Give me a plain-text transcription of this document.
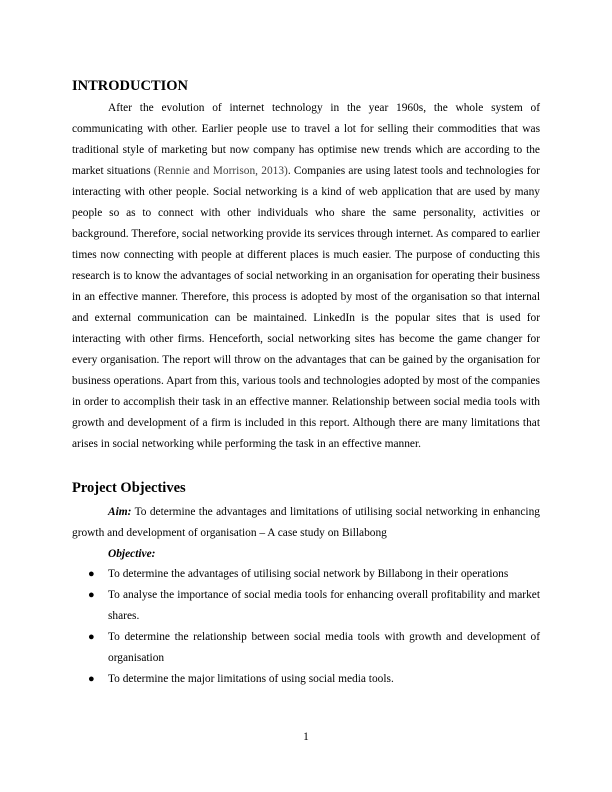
INTRODUCTION

After the evolution of internet technology in the year 1960s, the whole system of communicating with other. Earlier people use to travel a lot for selling their commodities that was traditional style of marketing but now company has optimise new trends which are according to the market situations (Rennie and Morrison, 2013). Companies are using latest tools and technologies for interacting with other people. Social networking is a kind of web application that are used by many people so as to connect with other individuals who share the same personality, activities or background. Therefore, social networking provide its services through internet. As compared to earlier times now connecting with people at different places is much easier. The purpose of conducting this research is to know the advantages of social networking in an organisation for operating their business in an effective manner. Therefore, this process is adopted by most of the organisation so that internal and external communication can be maintained. LinkedIn is the popular sites that is used for interacting with other firms. Henceforth, social networking sites has become the game changer for every organisation. The report will throw on the advantages that can be gained by the organisation for business operations. Apart from this, various tools and technologies adopted by most of the companies in order to accomplish their task in an effective manner. Relationship between social media tools with growth and development of a firm is included in this report. Although there are many limitations that arises in social networking while performing the task in an effective manner.

Project Objectives

Aim: To determine the advantages and limitations of utilising social networking in enhancing growth and development of organisation – A case study on Billabong

Objective:

● To determine the advantages of utilising social network by Billabong in their operations
● To analyse the importance of social media tools for enhancing overall profitability and market shares.
● To determine the relationship between social media tools with growth and development of organisation
● To determine the major limitations of using social media tools.

1
